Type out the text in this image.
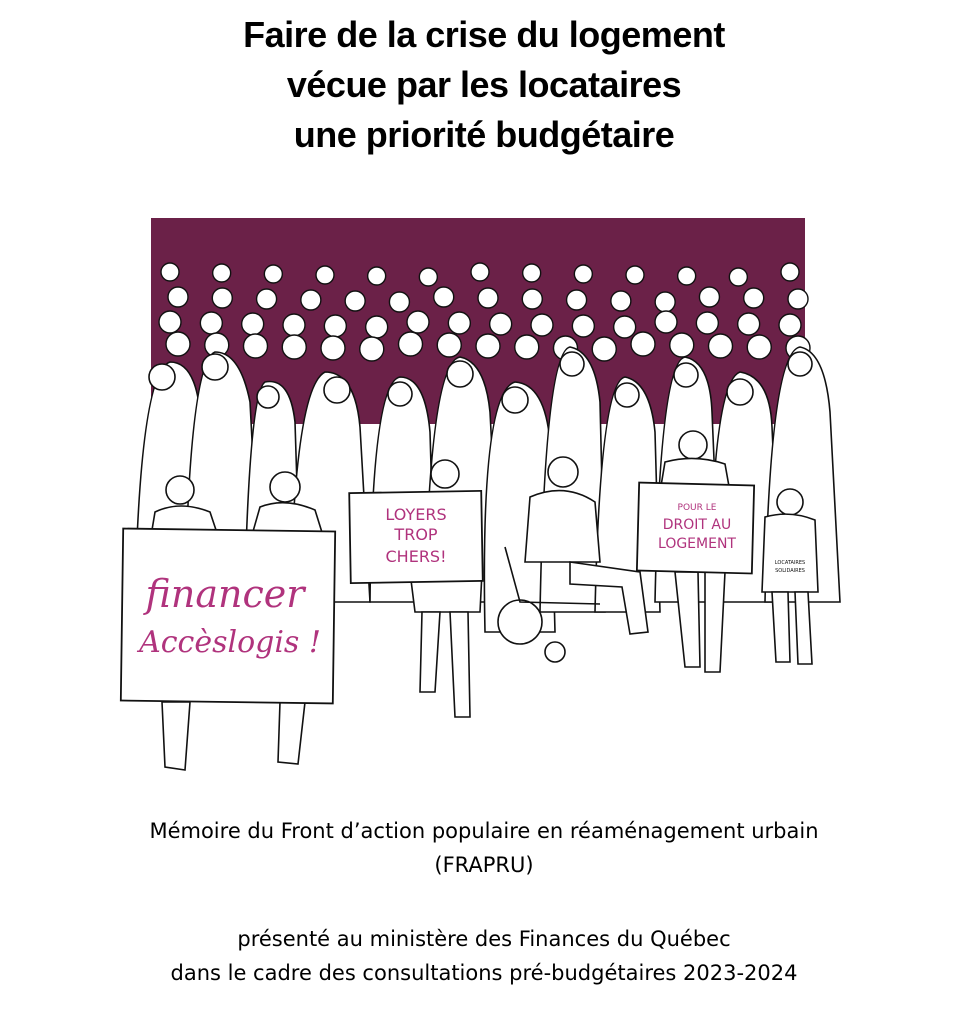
Faire de la crise du logement
vécue par les locataires
une priorité budgétaire
financer
Accèslogis !
LOYERS
TROP
CHERS!
POUR LE
DROIT AU
LOGEMENT
LOCATAIRES
SOLIDAIRES
Mémoire du Front d’action populaire en réaménagement urbain
(FRAPRU)
présenté au ministère des Finances du Québec
dans le cadre des consultations pré-budgétaires 2023-2024
